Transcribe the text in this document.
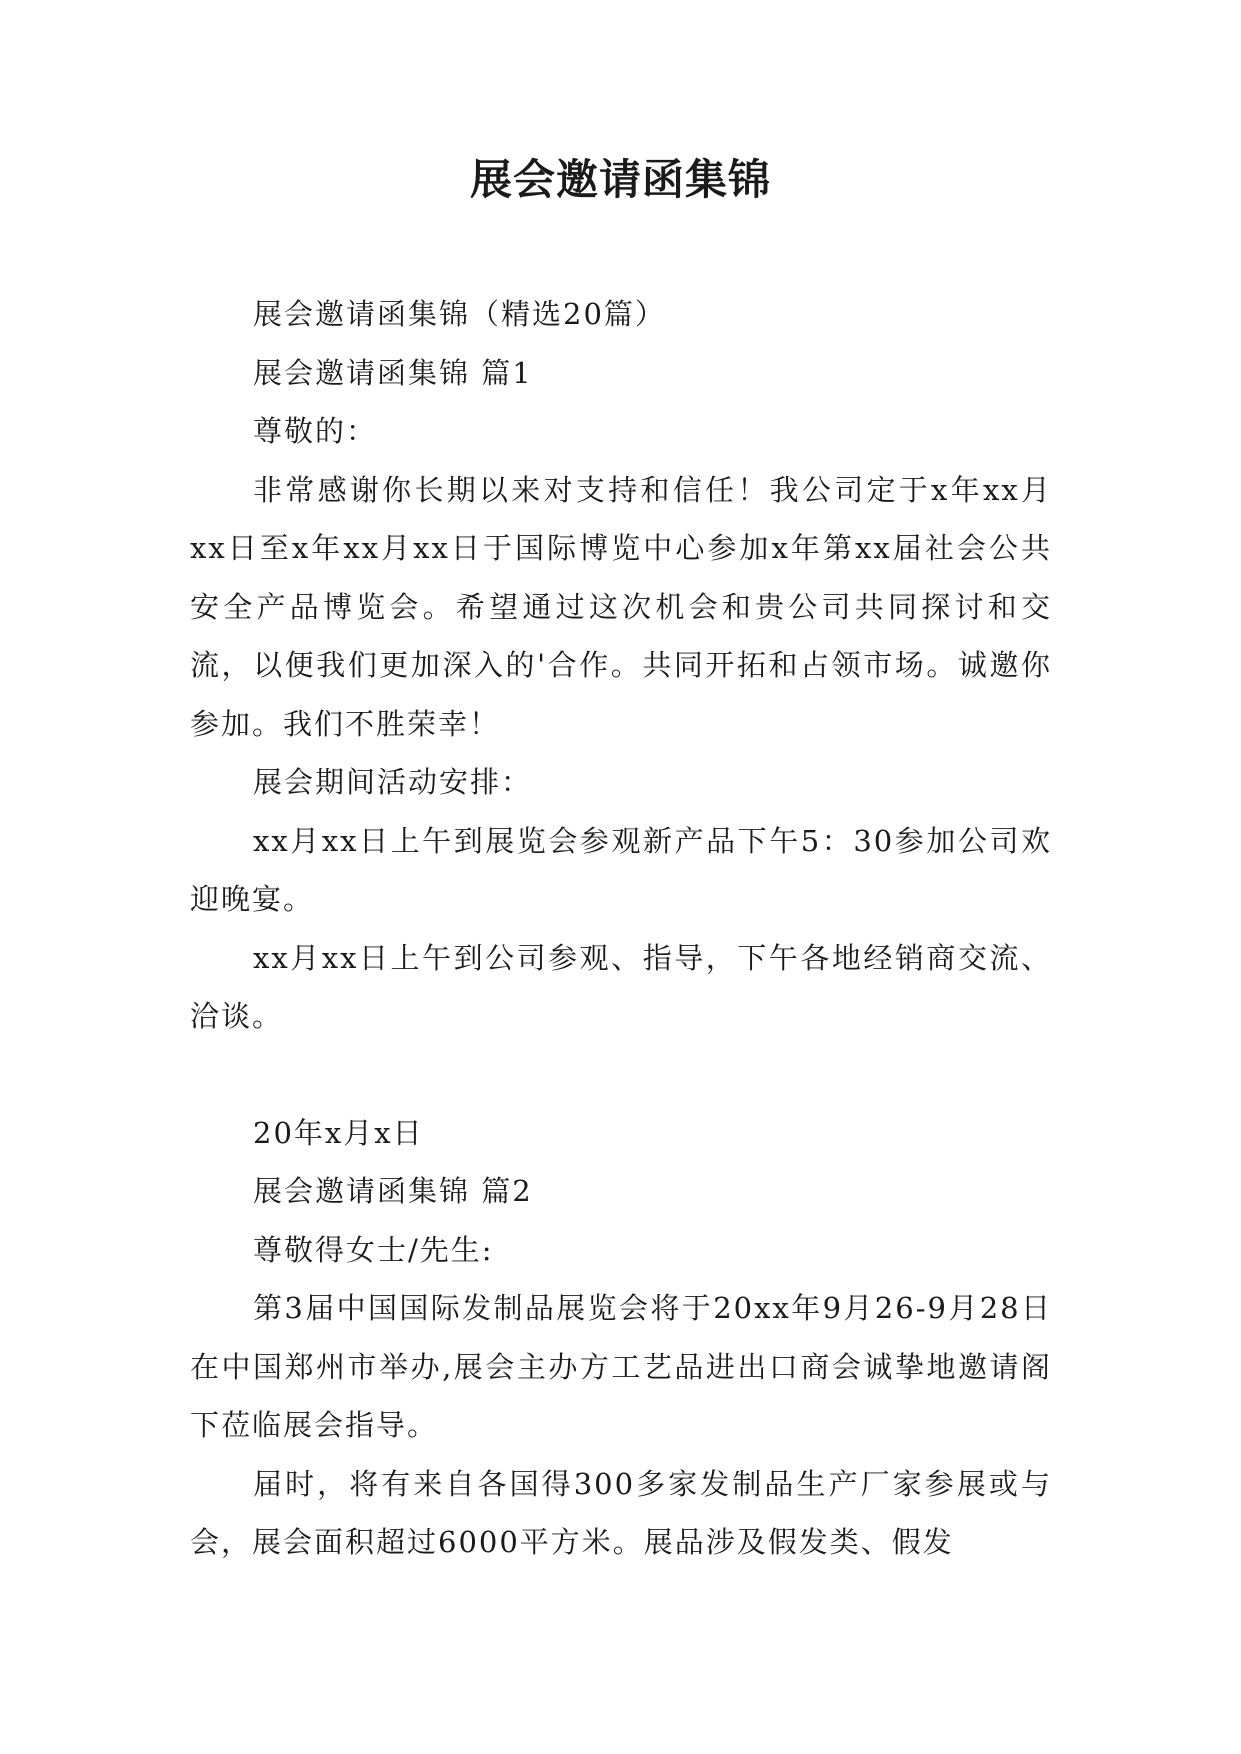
展会邀请函集锦

展会邀请函集锦（精选20篇）

展会邀请函集锦 篇1

尊敬的：

非常感谢你长期以来对支持和信任！我公司定于x年xx月xx日至x年xx月xx日于国际博览中心参加x年第xx届社会公共安全产品博览会。希望通过这次机会和贵公司共同探讨和交流，以便我们更加深入的'合作。共同开拓和占领市场。诚邀你参加。我们不胜荣幸！

展会期间活动安排：

xx月xx日上午到展览会参观新产品下午5：30参加公司欢迎晚宴。

xx月xx日上午到公司参观、指导，下午各地经销商交流、洽谈。

20年x月x日

展会邀请函集锦 篇2

尊敬得女士/先生:

第3届中国国际发制品展览会将于20xx年9月26-9月28日在中国郑州市举办,展会主办方工艺品进出口商会诚挚地邀请阁下莅临展会指导。

届时，将有来自各国得300多家发制品生产厂家参展或与会，展会面积超过6000平方米。展品涉及假发类、假发
